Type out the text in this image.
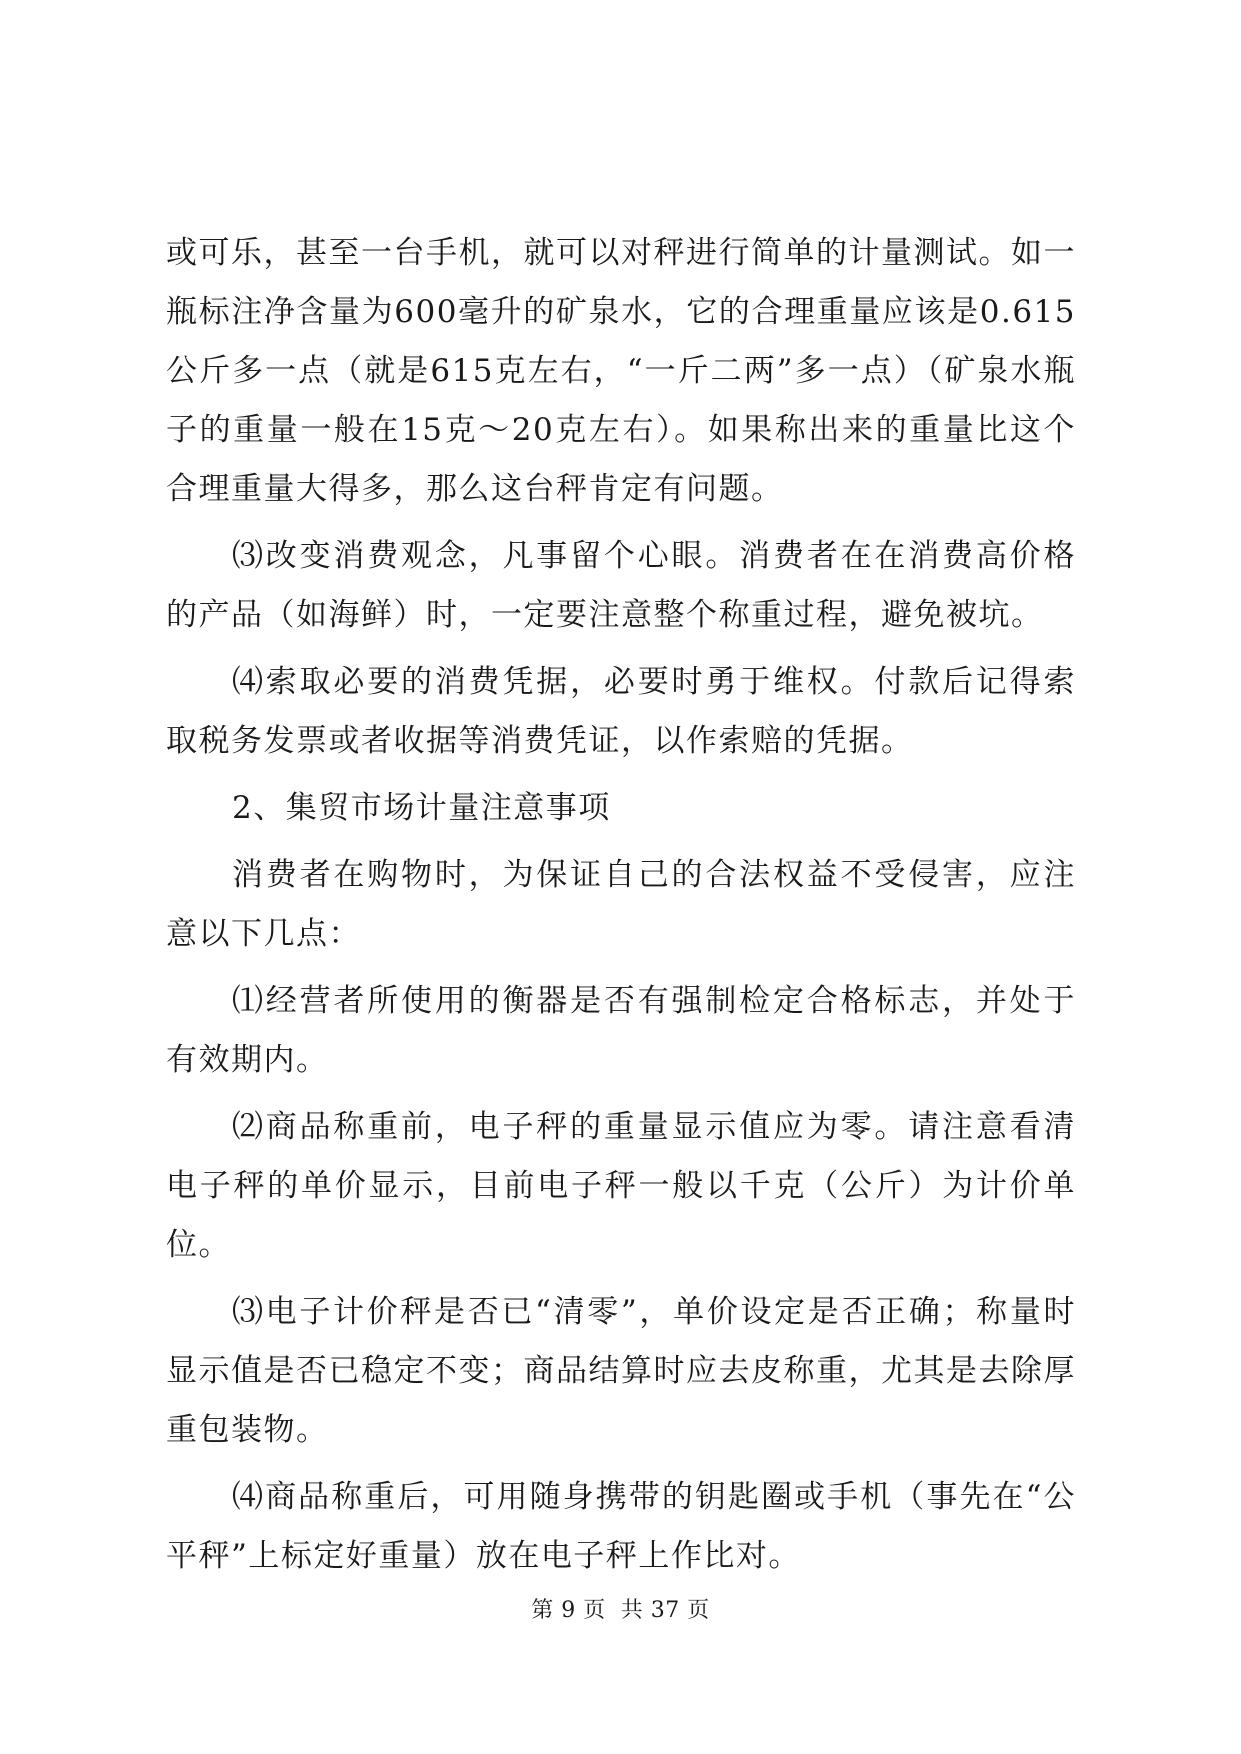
或可乐，甚至一台手机，就可以对秤进行简单的计量测试。如一瓶标注净含量为600毫升的矿泉水，它的合理重量应该是0.615公斤多一点（就是615克左右，“一斤二两”多一点）（矿泉水瓶子的重量一般在15克～20克左右）。如果称出来的重量比这个合理重量大得多，那么这台秤肯定有问题。

⑶改变消费观念，凡事留个心眼。消费者在在消费高价格的产品（如海鲜）时，一定要注意整个称重过程，避免被坑。

⑷索取必要的消费凭据，必要时勇于维权。付款后记得索取税务发票或者收据等消费凭证，以作索赔的凭据。

2、集贸市场计量注意事项

消费者在购物时，为保证自己的合法权益不受侵害，应注意以下几点：

⑴经营者所使用的衡器是否有强制检定合格标志，并处于有效期内。

⑵商品称重前，电子秤的重量显示值应为零。请注意看清电子秤的单价显示，目前电子秤一般以千克（公斤）为计价单位。

⑶电子计价秤是否已“清零”，单价设定是否正确；称量时显示值是否已稳定不变；商品结算时应去皮称重，尤其是去除厚重包装物。

⑷商品称重后，可用随身携带的钥匙圈或手机（事先在“公平秤”上标定好重量）放在电子秤上作比对。

第 9 页  共 37 页
